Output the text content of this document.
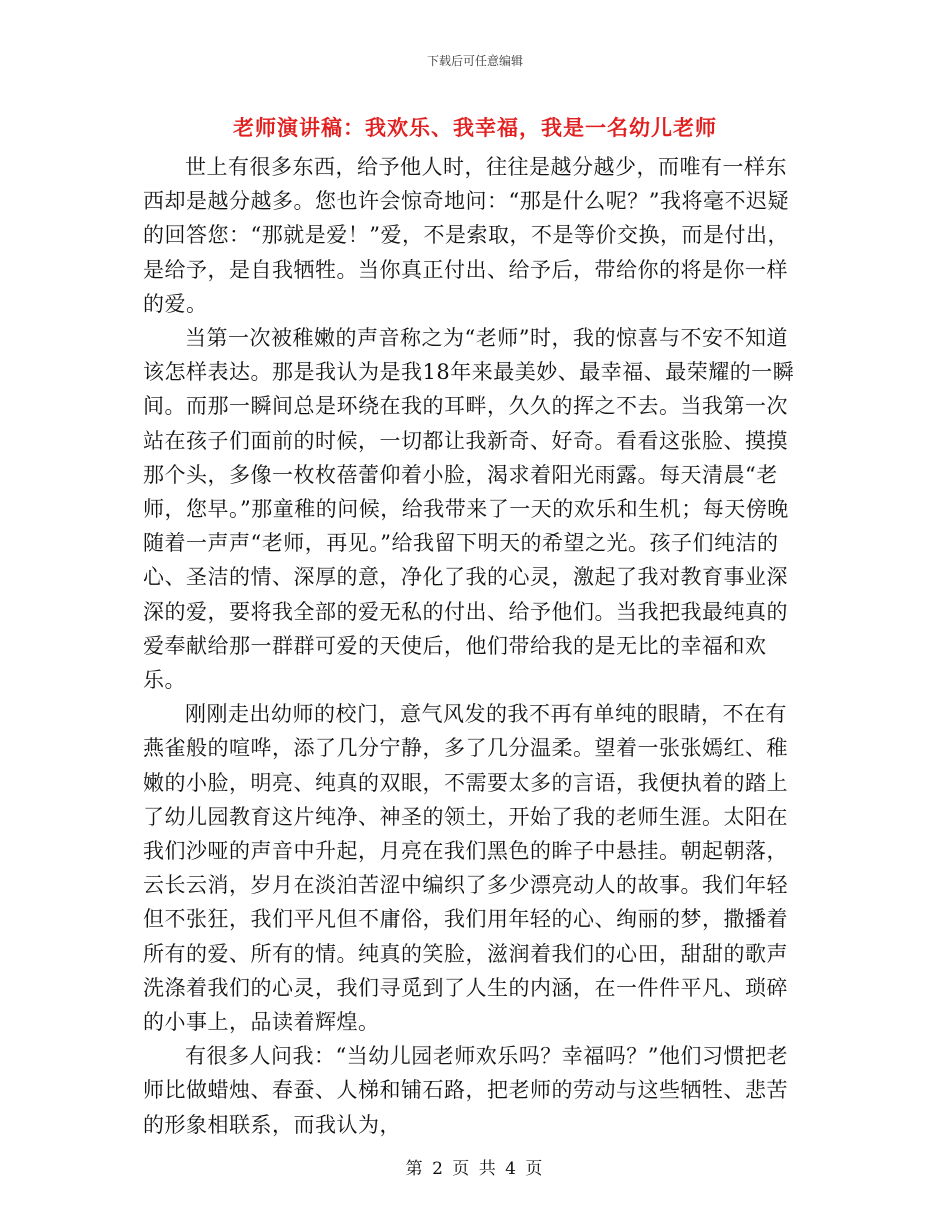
下载后可任意编辑
老师演讲稿：我欢乐、我幸福，我是一名幼儿老师

世上有很多东西，给予他人时，往往是越分越少，而唯有一样东西却是越分越多。您也许会惊奇地问：“那是什么呢？”我将毫不迟疑的回答您：“那就是爱！”爱，不是索取，不是等价交换，而是付出，是给予，是自我牺牲。当你真正付出、给予后，带给你的将是你一样的爱。

当第一次被稚嫩的声音称之为“老师”时，我的惊喜与不安不知道该怎样表达。那是我认为是我18年来最美妙、最幸福、最荣耀的一瞬间。而那一瞬间总是环绕在我的耳畔，久久的挥之不去。当我第一次站在孩子们面前的时候，一切都让我新奇、好奇。看看这张脸、摸摸那个头，多像一枚枚蓓蕾仰着小脸，渴求着阳光雨露。每天清晨“老师，您早。”那童稚的问候，给我带来了一天的欢乐和生机；每天傍晚随着一声声“老师，再见。”给我留下明天的希望之光。孩子们纯洁的心、圣洁的情、深厚的意，净化了我的心灵，激起了我对教育事业深深的爱，要将我全部的爱无私的付出、给予他们。当我把我最纯真的爱奉献给那一群群可爱的天使后，他们带给我的是无比的幸福和欢乐。

刚刚走出幼师的校门，意气风发的我不再有单纯的眼睛，不在有燕雀般的喧哗，添了几分宁静，多了几分温柔。望着一张张嫣红、稚嫩的小脸，明亮、纯真的双眼，不需要太多的言语，我便执着的踏上了幼儿园教育这片纯净、神圣的领土，开始了我的老师生涯。太阳在我们沙哑的声音中升起，月亮在我们黑色的眸子中悬挂。朝起朝落，云长云消，岁月在淡泊苦涩中编织了多少漂亮动人的故事。我们年轻但不张狂，我们平凡但不庸俗，我们用年轻的心、绚丽的梦，撒播着所有的爱、所有的情。纯真的笑脸，滋润着我们的心田，甜甜的歌声洗涤着我们的心灵，我们寻觅到了人生的内涵，在一件件平凡、琐碎的小事上，品读着辉煌。

有很多人问我：“当幼儿园老师欢乐吗？幸福吗？”他们习惯把老师比做蜡烛、春蚕、人梯和铺石路，把老师的劳动与这些牺牲、悲苦的形象相联系，而我认为，

第 2 页 共 4 页
